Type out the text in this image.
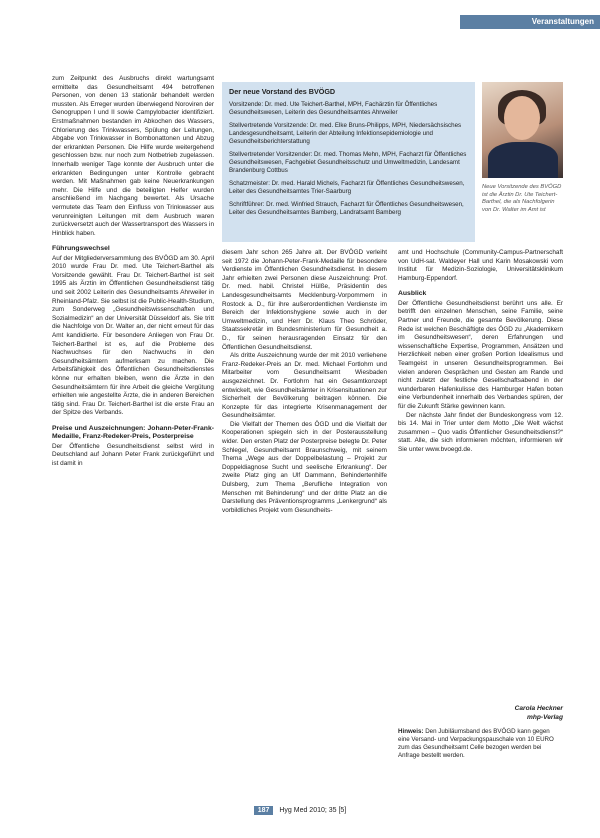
Veranstaltungen

zum Zeitpunkt des Ausbruchs direkt wartungsamt ermittelte das Gesundheitsamt 494 betroffenen Personen, von denen 13 stationär behandelt werden mussten. Als Erreger wurden überwiegend Noroviren der Genogruppen I und II sowie Campylobacter identifiziert. Erstmaßnahmen bestanden im Abkochen des Wassers, Chlorierung des Trinkwassers, Spülung der Leitungen, Abgabe von Trinkwasser in Bombonattonen und Abzug der erkrankten Personen. Die Hilfe wurde weitergehend geschlossen bzw. nur noch zum Notbetrieb zugelassen. Innerhalb weniger Tage konnte der Ausbruch unter die erkrankten Bedingungen unter Kontrolle gebracht werden. Mit Maßnahmen gab keine Neuerkrankungen mehr. Die Hilfe und die beteiligten Helfer wurden anschließend im Nachgang bewertet. Als Ursache vermutete das Team den Einfluss von Trinkwasser aus verunreinigten Leitungen mit dem Ausbruch waren zurückversetzt auch der Wassertransport des Wassers in Hinblick haben.

Führungswechsel

Auf der Mitgliederversammlung des BVÖGD am 30. April 2010 wurde Frau Dr. med. Ute Teichert-Barthel als Vorsitzende gewählt. Frau Dr. Teichert-Barthel ist seit 1995 als Ärztin im Öffentlichen Gesundheitsdienst tätig und seit 2002 Leiterin des Gesundheitsamts Ahrweiler in Rheinland-Pfalz. Sie selbst ist die Public-Health-Studium, zum Sonderweg „Gesundheitswissenschaften und Sozialmedizin“ an der Universität Düsseldorf als. Sie tritt die Nachfolge von Dr. Walter an, der nicht erneut für das Amt kandidierte. Für besondere Anliegen von Frau Dr. Teichert-Barthel ist es, auf die Probleme des Nachwuchses für den Nachwuchs in den Gesundheitsämtern aufmerksam zu machen. Die Arbeitsfähigkeit des Öffentlichen Gesundheitsdienstes könne nur erhalten bleiben, wenn die Ärzte in den Gesundheitsämtern für ihre Arbeit die gleiche Vergütung erhielten wie angestellte Ärzte, die in anderen Bereichen tätig sind. Frau Dr. Teichert-Barthel ist die erste Frau an der Spitze des Verbands.

Preise und Auszeichnungen: Johann-Peter-Frank-Medaille, Franz-Redeker-Preis, Posterpreise

Der Öffentliche Gesundheitsdienst selbst wird in Deutschland auf Johann Peter Frank zurückgeführt und ist damit in

Der neue Vorstand des BVÖGD
Vorsitzende: Dr. med. Ute Teichert-Barthel, MPH, Fachärztin für Öffentliches Gesundheitswesen, Leiterin des Gesundheitsamtes Ahrweiler
Stellvertretende Vorsitzende: Dr. med. Elke Bruns-Philipps, MPH, Niedersächsisches Landesgesundheitsamt, Leiterin der Abteilung Infektionsepidemiologie und Gesundheitsberichterstattung
Stellvertretender Vorsitzender: Dr. med. Thomas Mehn, MPH, Facharzt für Öffentliches Gesundheitswesen, Fachgebiet Gesundheitsschutz und Umweltmedizin, Landesamt Brandenburg Cottbus
Schatzmeister: Dr. med. Harald Michels, Facharzt für Öffentliches Gesundheitswesen, Leiter des Gesundheitsamtes Trier-Saarburg
Schriftführer: Dr. med. Winfried Strauch, Facharzt für Öffentliches Gesundheitswesen, Leiter des Gesundheitsamtes Bamberg, Landratsamt Bamberg
Neue Vorsitzende des BVÖGD ist die Ärztin Dr. Ute Teichert-Barthel, die als Nachfolgerin von Dr. Walter im Amt ist

diesem Jahr schon 265 Jahre alt. Der BVÖGD verleiht seit 1972 die Johann-Peter-Frank-Medaille für besondere Verdienste im Öffentlichen Gesundheitsdienst. In diesem Jahr erhielten zwei Personen diese Auszeichnung: Prof. Dr. med. habil. Christel Hülße, Präsidentin des Landesgesundheitsamts Mecklenburg-Vorpommern in Rostock a. D., für ihre außerordentlichen Verdienste im Bereich der Infektionshygiene sowie auch in der Umweltmedizin, und Herr Dr. Klaus Theo Schröder, Staatssekretär im Bundesministerium für Gesundheit a. D., für seinen herausragenden Einsatz für den Öffentlichen Gesundheitsdienst.

Als dritte Auszeichnung wurde der mit 2010 verliehene Franz-Redeker-Preis an Dr. med. Michael Fortlohrn und Mitarbeiter vom Gesundheitsamt Wiesbaden ausgezeichnet. Dr. Fortlohrn hat ein Gesamtkonzept entwickelt, wie Gesundheitsämter in Krisensituationen zur Sicherheit der Bevölkerung beitragen können. Die Konzepte für das integrierte Krisenmanagement der Gesundheitsämter.

Die Vielfalt der Themen des ÖGD und die Vielfalt der Kooperationen spiegeln sich in der Posterausstellung wider. Den ersten Platz der Posterpreise belegte Dr. Peter Schlegel, Gesundheitsamt Braunschweig, mit seinem Thema „Wege aus der Doppelbelastung – Projekt zur Doppeldiagnose Sucht und seelische Erkrankung“. Der zweite Platz ging an Ulf Dammann, Behindertenhilfe Dulsberg, zum Thema „Berufliche Integration von Menschen mit Behinderung“ und der dritte Platz an die Darstellung des Präventionsprogramms „Lenkergrund“ als vorbildliches Projekt vom Gesundheits-

amt und Hochschule (Community-Campus-Partnerschaft von UdH-sat. Waldeyer Hall und Karin Mosakowski vom Institut für Medizin-Soziologie, Universitätsklinikum Hamburg-Eppendorf.

Ausblick

Der Öffentliche Gesundheitsdienst berührt uns alle. Er betrifft den einzelnen Menschen, seine Familie, seine Partner und Freunde, die gesamte Bevölkerung. Diese Rede ist welchen Beschäftigte des ÖGD zu „Akademikern im Gesundheitswesen“, deren Erfahrungen und wissenschaftliche Expertise, Programmen, Ansätzen und Herzlichkeit neben einer großen Portion Idealismus und Teamgeist in unseren Gesundheitsprogrammen. Bei vielen anderen Gesprächen und Gesten am Rande und nicht zuletzt der festliche Gesellschaftsabend in der wunderbaren Hafenkulisse des Hamburger Hafen boten eine Verbundenheit innerhalb des Verbandes spüren, der für die Zukunft Stärke gewinnen kann.

Der nächste Jahr findet der Bundeskongress vom 12. bis 14. Mai in Trier unter dem Motto „Die Welt wächst zusammen – Quo vadis Öffentlicher Gesundheitsdienst?“ statt. Alle, die sich informieren möchten, informieren wir Sie unter www.bvoegd.de.

Carola Heckner
mhp-Verlag
Hinweis: Den Jubiläumsband des BVÖGD kann gegen eine Versand- und Verpackungspauschale von 10 EURO zum das Gesundheitsamt Celle bezogen werden bei Anfrage bestellt werden.
187 Hyg Med 2010; 35 [5]
